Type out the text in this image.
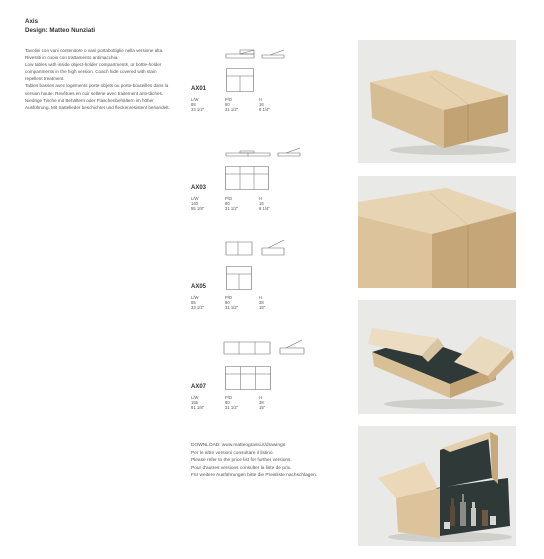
Axis
Design: Matteo Nunziati

Tavolini con vani contenitore o vani portabottiglie nella versione alta. Rivestiti in cuoio con trattamento antimacchia.

Low tables with inside object-holder compartments, or bottle-holder compartments in the high version. Coach hide covered with stain repellent treatment.

Tables basses avec logements porte-objets ou porte-bouteilles dans la version haute. Revêtues en cuir sellerie avec traitement anti-tâches.

Niedrige Tische mit Behältern oder Flaschenbehältern im höher Ausführung. Mit Sattelleder beschichtet und fleckenresistent behandelt.

AX01
L/W
85
33 1/2"
P/D
80
31 1/2"
H
16
6 1/4"
AX03
L/W
140
55 1/8"
P/D
80
31 1/2"
H
16
6 1/4"
AX05
L/W
85
33 1/2"
P/D
80
31 1/2"
H
38
15"
AX07
L/W
155
61 1/8"
P/D
80
31 1/2"
H
38
15"
DOWNLOAD: www.matteograssi.it/drawings
Per le altre versioni consultare il listino.
Please refer to the price list for further versions.
Pour d'autres versions consulter la liste de prix.
Für weitere Ausführungen bitte die Preisliste nachschlagen.
